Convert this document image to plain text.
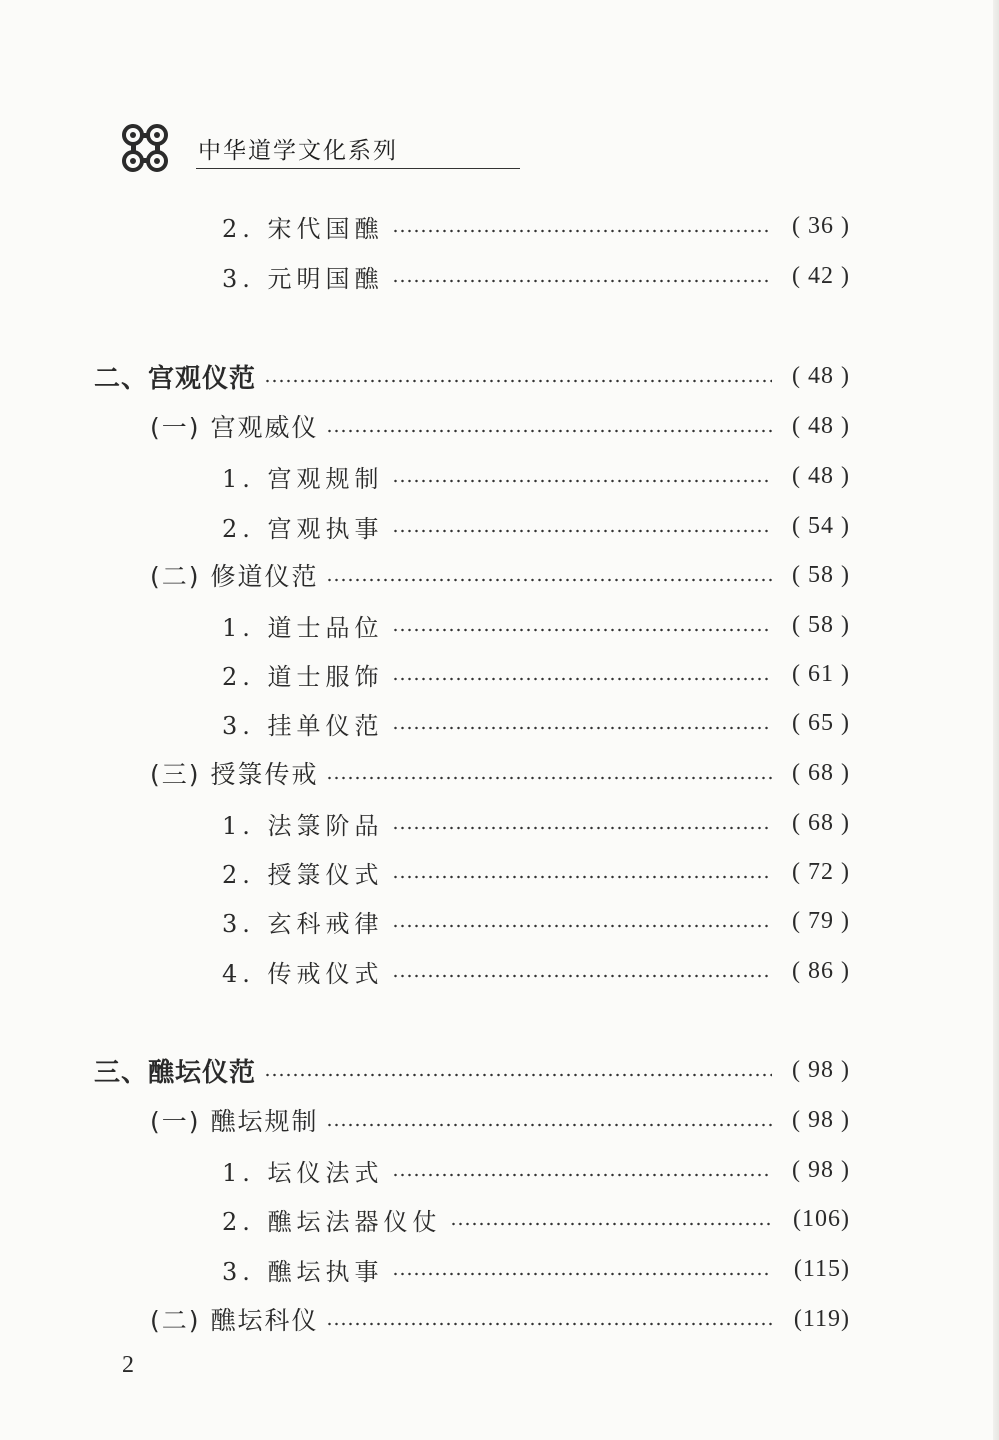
中华道学文化系列
2. 宋代国醮	( 36 )
3. 元明国醮	( 42 )
二、宫观仪范	( 48 )
(一) 宫观威仪	( 48 )
1. 宫观规制	( 48 )
2. 宫观执事	( 54 )
(二) 修道仪范	( 58 )
1. 道士品位	( 58 )
2. 道士服饰	( 61 )
3. 挂单仪范	( 65 )
(三) 授箓传戒	( 68 )
1. 法箓阶品	( 68 )
2. 授箓仪式	( 72 )
3. 玄科戒律	( 79 )
4. 传戒仪式	( 86 )
三、醮坛仪范	( 98 )
(一) 醮坛规制	( 98 )
1. 坛仪法式	( 98 )
2. 醮坛法器仪仗	(106)
3. 醮坛执事	(115)
(二) 醮坛科仪	(119)
2
